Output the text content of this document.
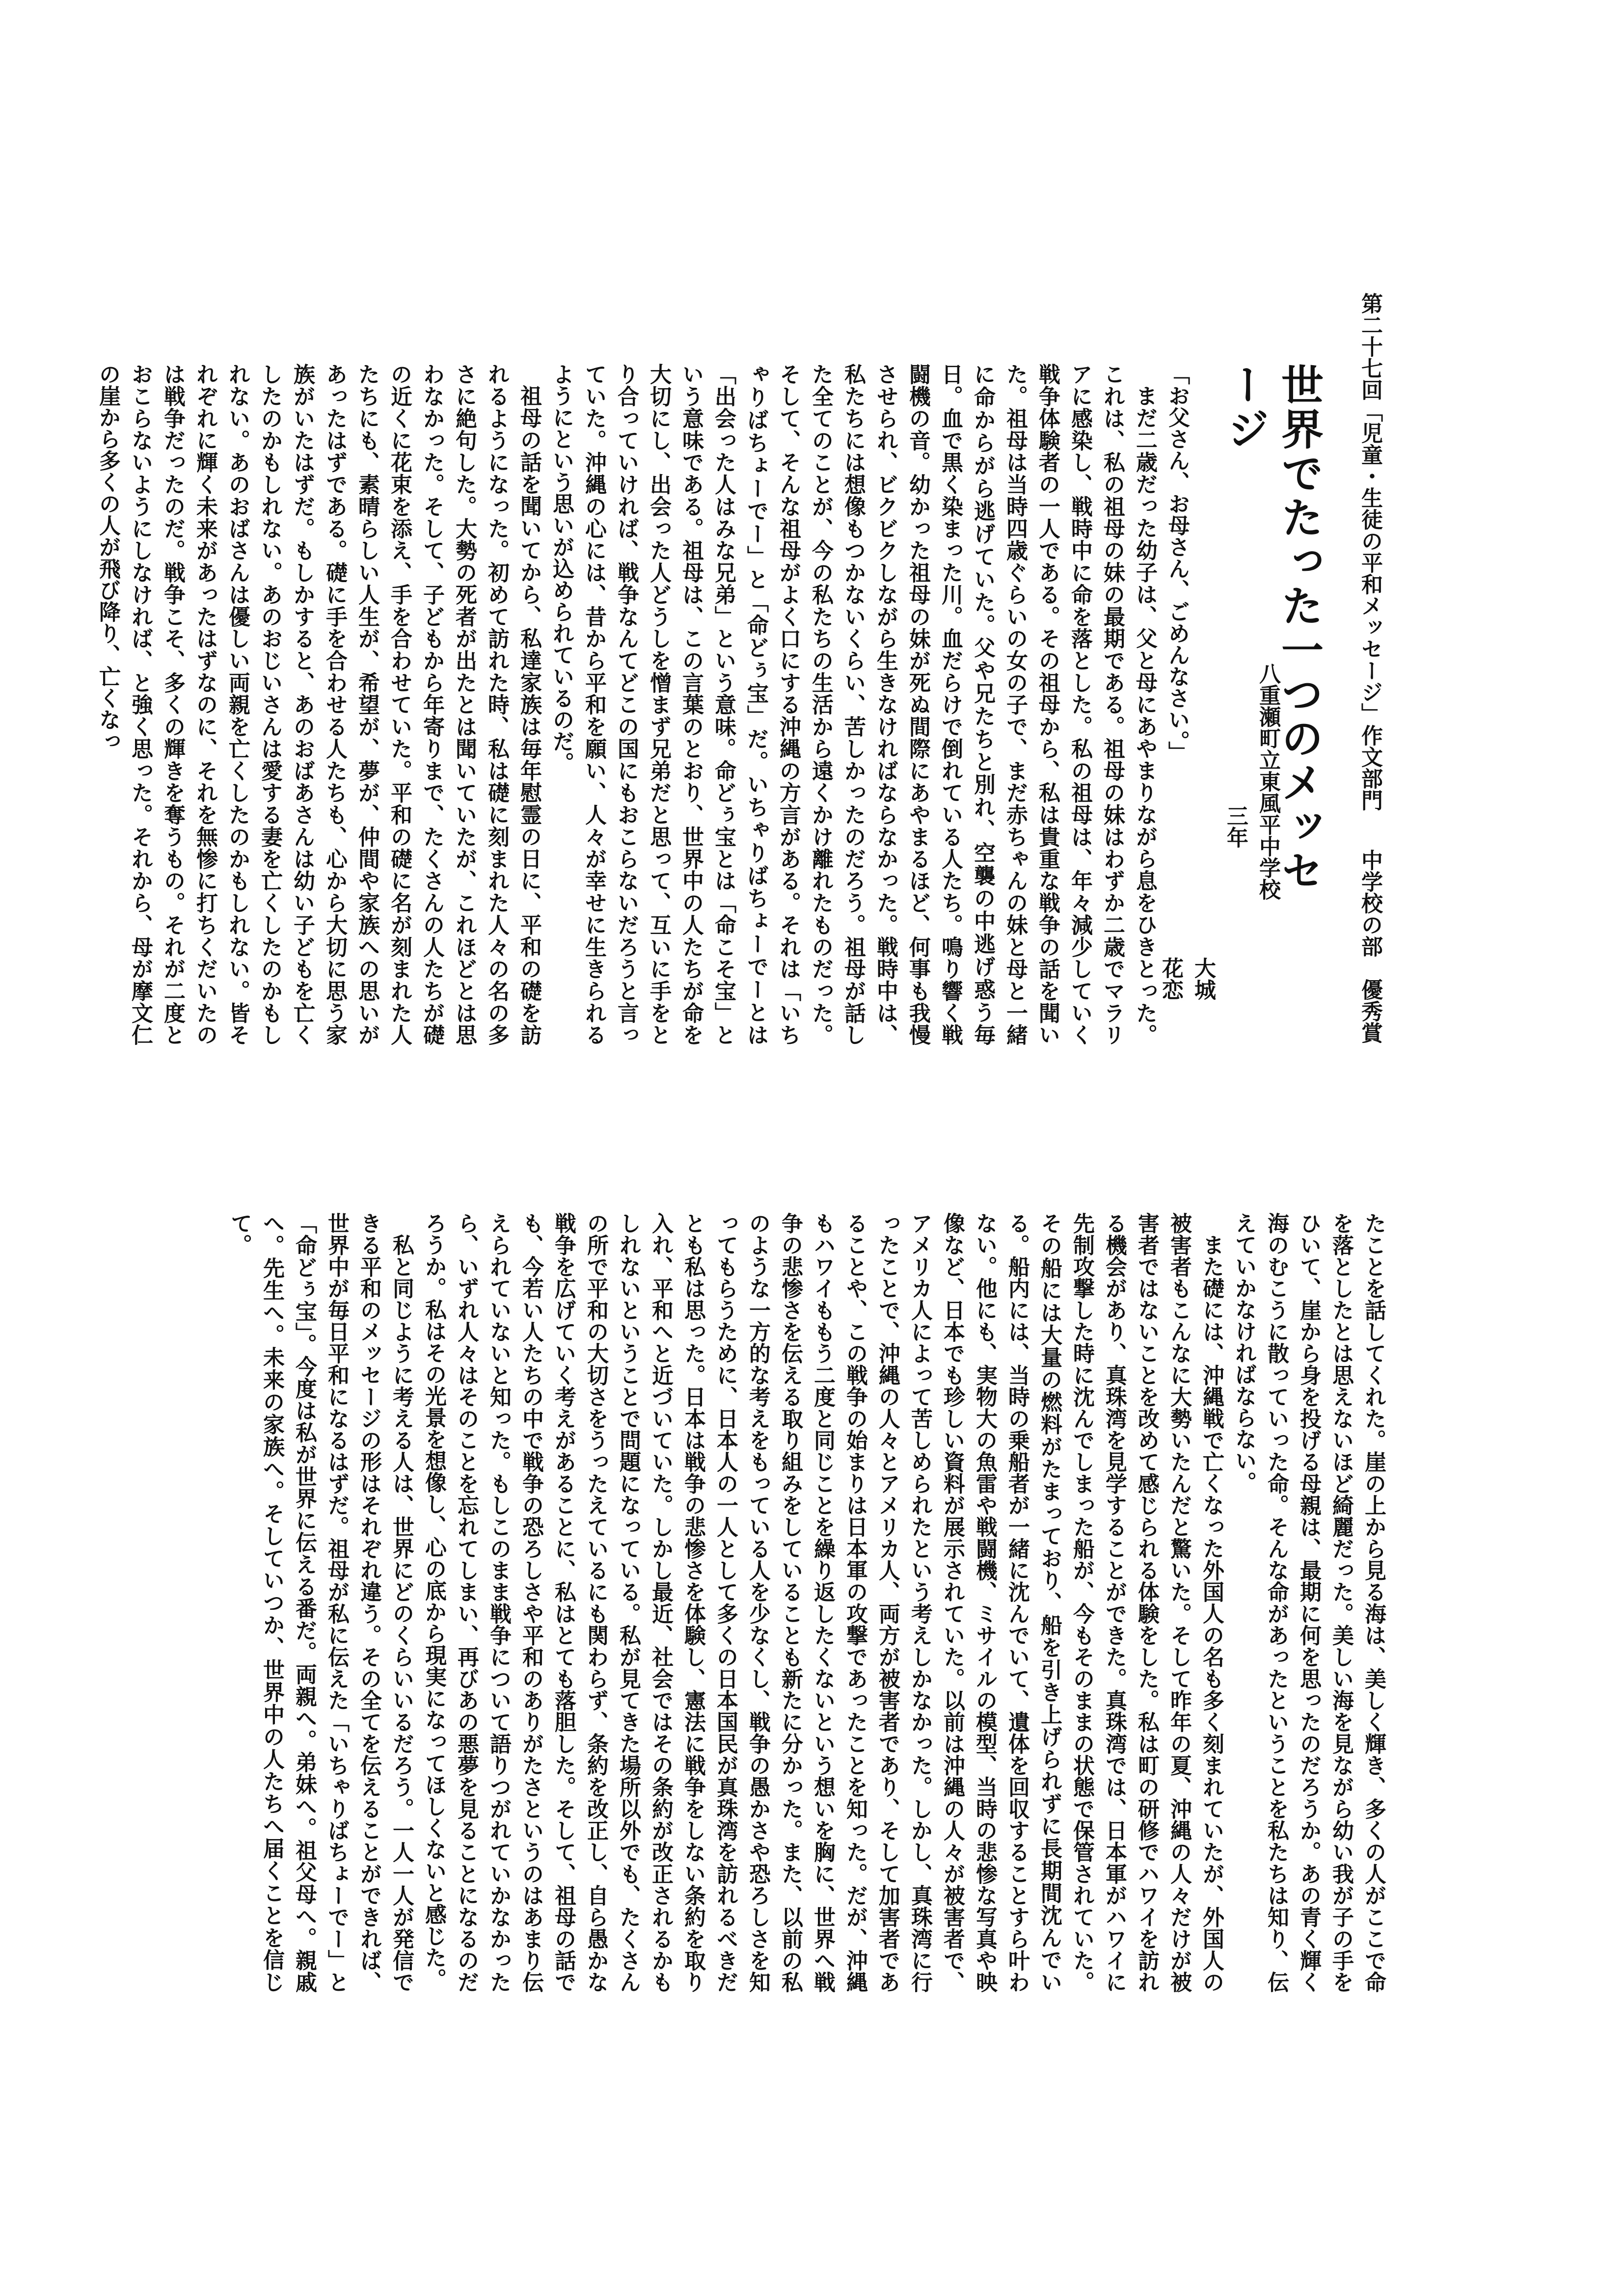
第二十七回「児童・生徒の平和メッセージ」作文部門
中学校の部　優秀賞
世界でたった一つのメッセージ
八重瀬町立東風平中学校
三年
大城　花恋

「お父さん、お母さん、ごめんなさい。」

まだ二歳だった幼子は、父と母にあやまりながら息をひきとった。これは、私の祖母の妹の最期である。祖母の妹はわずか二歳でマラリアに感染し、戦時中に命を落とした。私の祖母は、年々減少していく戦争体験者の一人である。その祖母から、私は貴重な戦争の話を聞いた。祖母は当時四歳ぐらいの女の子で、まだ赤ちゃんの妹と母と一緒に命からがら逃げていた。父や兄たちと別れ、空襲の中逃げ惑う毎日。血で黒く染まった川。血だらけで倒れている人たち。鳴り響く戦闘機の音。幼かった祖母の妹が死ぬ間際にあやまるほど、何事も我慢させられ、ビクビクしながら生きなければならなかった。戦時中は、私たちには想像もつかないくらい、苦しかったのだろう。祖母が話した全てのことが、今の私たちの生活から遠くかけ離れたものだった。そして、そんな祖母がよく口にする沖縄の方言がある。それは「いちゃりばちょーでー」と「命どぅ宝」だ。いちゃりばちょーでーとは「出会った人はみな兄弟」という意味。命どぅ宝とは「命こそ宝」という意味である。祖母は、この言葉のとおり、世界中の人たちが命を大切にし、出会った人どうしを憎まず兄弟だと思って、互いに手をとり合っていければ、戦争なんてどこの国にもおこらないだろうと言っていた。沖縄の心には、昔から平和を願い、人々が幸せに生きられるようにという思いが込められているのだ。

祖母の話を聞いてから、私達家族は毎年慰霊の日に、平和の礎を訪れるようになった。初めて訪れた時、私は礎に刻まれた人々の名の多さに絶句した。大勢の死者が出たとは聞いていたが、これほどとは思わなかった。そして、子どもから年寄りまで、たくさんの人たちが礎の近くに花束を添え、手を合わせていた。平和の礎に名が刻まれた人たちにも、素晴らしい人生が、希望が、夢が、仲間や家族への思いがあったはずである。礎に手を合わせる人たちも、心から大切に思う家族がいたはずだ。もしかすると、あのおばあさんは幼い子どもを亡くしたのかもしれない。あのおじいさんは愛する妻を亡くしたのかもしれない。あのおばさんは優しい両親を亡くしたのかもしれない。皆それぞれに輝く未来があったはずなのに、それを無惨に打ちくだいたのは戦争だったのだ。戦争こそ、多くの輝きを奪うもの。それが二度とおこらないようにしなければ、と強く思った。それから、母が摩文仁の崖から多くの人が飛び降り、亡くなっ

たことを話してくれた。崖の上から見る海は、美しく輝き、多くの人がここで命を落としたとは思えないほど綺麗だった。美しい海を見ながら幼い我が子の手をひいて、崖から身を投げる母親は、最期に何を思ったのだろうか。あの青く輝く海のむこうに散っていった命。そんな命があったということを私たちは知り、伝えていかなければならない。

また礎には、沖縄戦で亡くなった外国人の名も多く刻まれていたが、外国人の被害者もこんなに大勢いたんだと驚いた。そして昨年の夏、沖縄の人々だけが被害者ではないことを改めて感じられる体験をした。私は町の研修でハワイを訪れる機会があり、真珠湾を見学することができた。真珠湾では、日本軍がハワイに先制攻撃した時に沈んでしまった船が、今もそのままの状態で保管されていた。その船には大量の燃料がたまっており、船を引き上げられずに長期間沈んでいる。船内には、当時の乗船者が一緒に沈んでいて、遺体を回収することすら叶わない。他にも、実物大の魚雷や戦闘機、ミサイルの模型、当時の悲惨な写真や映像など、日本でも珍しい資料が展示されていた。以前は沖縄の人々が被害者で、アメリカ人によって苦しめられたという考えしかなかった。しかし、真珠湾に行ったことで、沖縄の人々とアメリカ人、両方が被害者であり、そして加害者であることや、この戦争の始まりは日本軍の攻撃であったことを知った。だが、沖縄もハワイももう二度と同じことを繰り返したくないという想いを胸に、世界へ戦争の悲惨さを伝える取り組みをしていることも新たに分かった。また、以前の私のような一方的な考えをもっている人を少なくし、戦争の愚かさや恐ろしさを知ってもらうために、日本人の一人として多くの日本国民が真珠湾を訪れるべきだとも私は思った。日本は戦争の悲惨さを体験し、憲法に戦争をしない条約を取り入れ、平和へと近づいていた。しかし最近、社会ではその条約が改正されるかもしれないということで問題になっている。私が見てきた場所以外でも、たくさんの所で平和の大切さをうったえているにも関わらず、条約を改正し、自ら愚かな戦争を広げていく考えがあることに、私はとても落胆した。そして、祖母の話でも、今若い人たちの中で戦争の恐ろしさや平和のありがたさというのはあまり伝えられていないと知った。もしこのまま戦争について語りつがれていかなかったら、いずれ人々はそのことを忘れてしまい、再びあの悪夢を見ることになるのだろうか。私はその光景を想像し、心の底から現実になってほしくないと感じた。

私と同じように考える人は、世界にどのくらいいるだろう。一人一人が発信できる平和のメッセージの形はそれぞれ違う。その全てを伝えることができれば、世界中が毎日平和になるはずだ。祖母が私に伝えた「いちゃりばちょーでー」と「命どぅ宝」。今度は私が世界に伝える番だ。両親へ。弟妹へ。祖父母へ。親戚へ。先生へ。未来の家族へ。そしていつか、世界中の人たちへ届くことを信じて。
